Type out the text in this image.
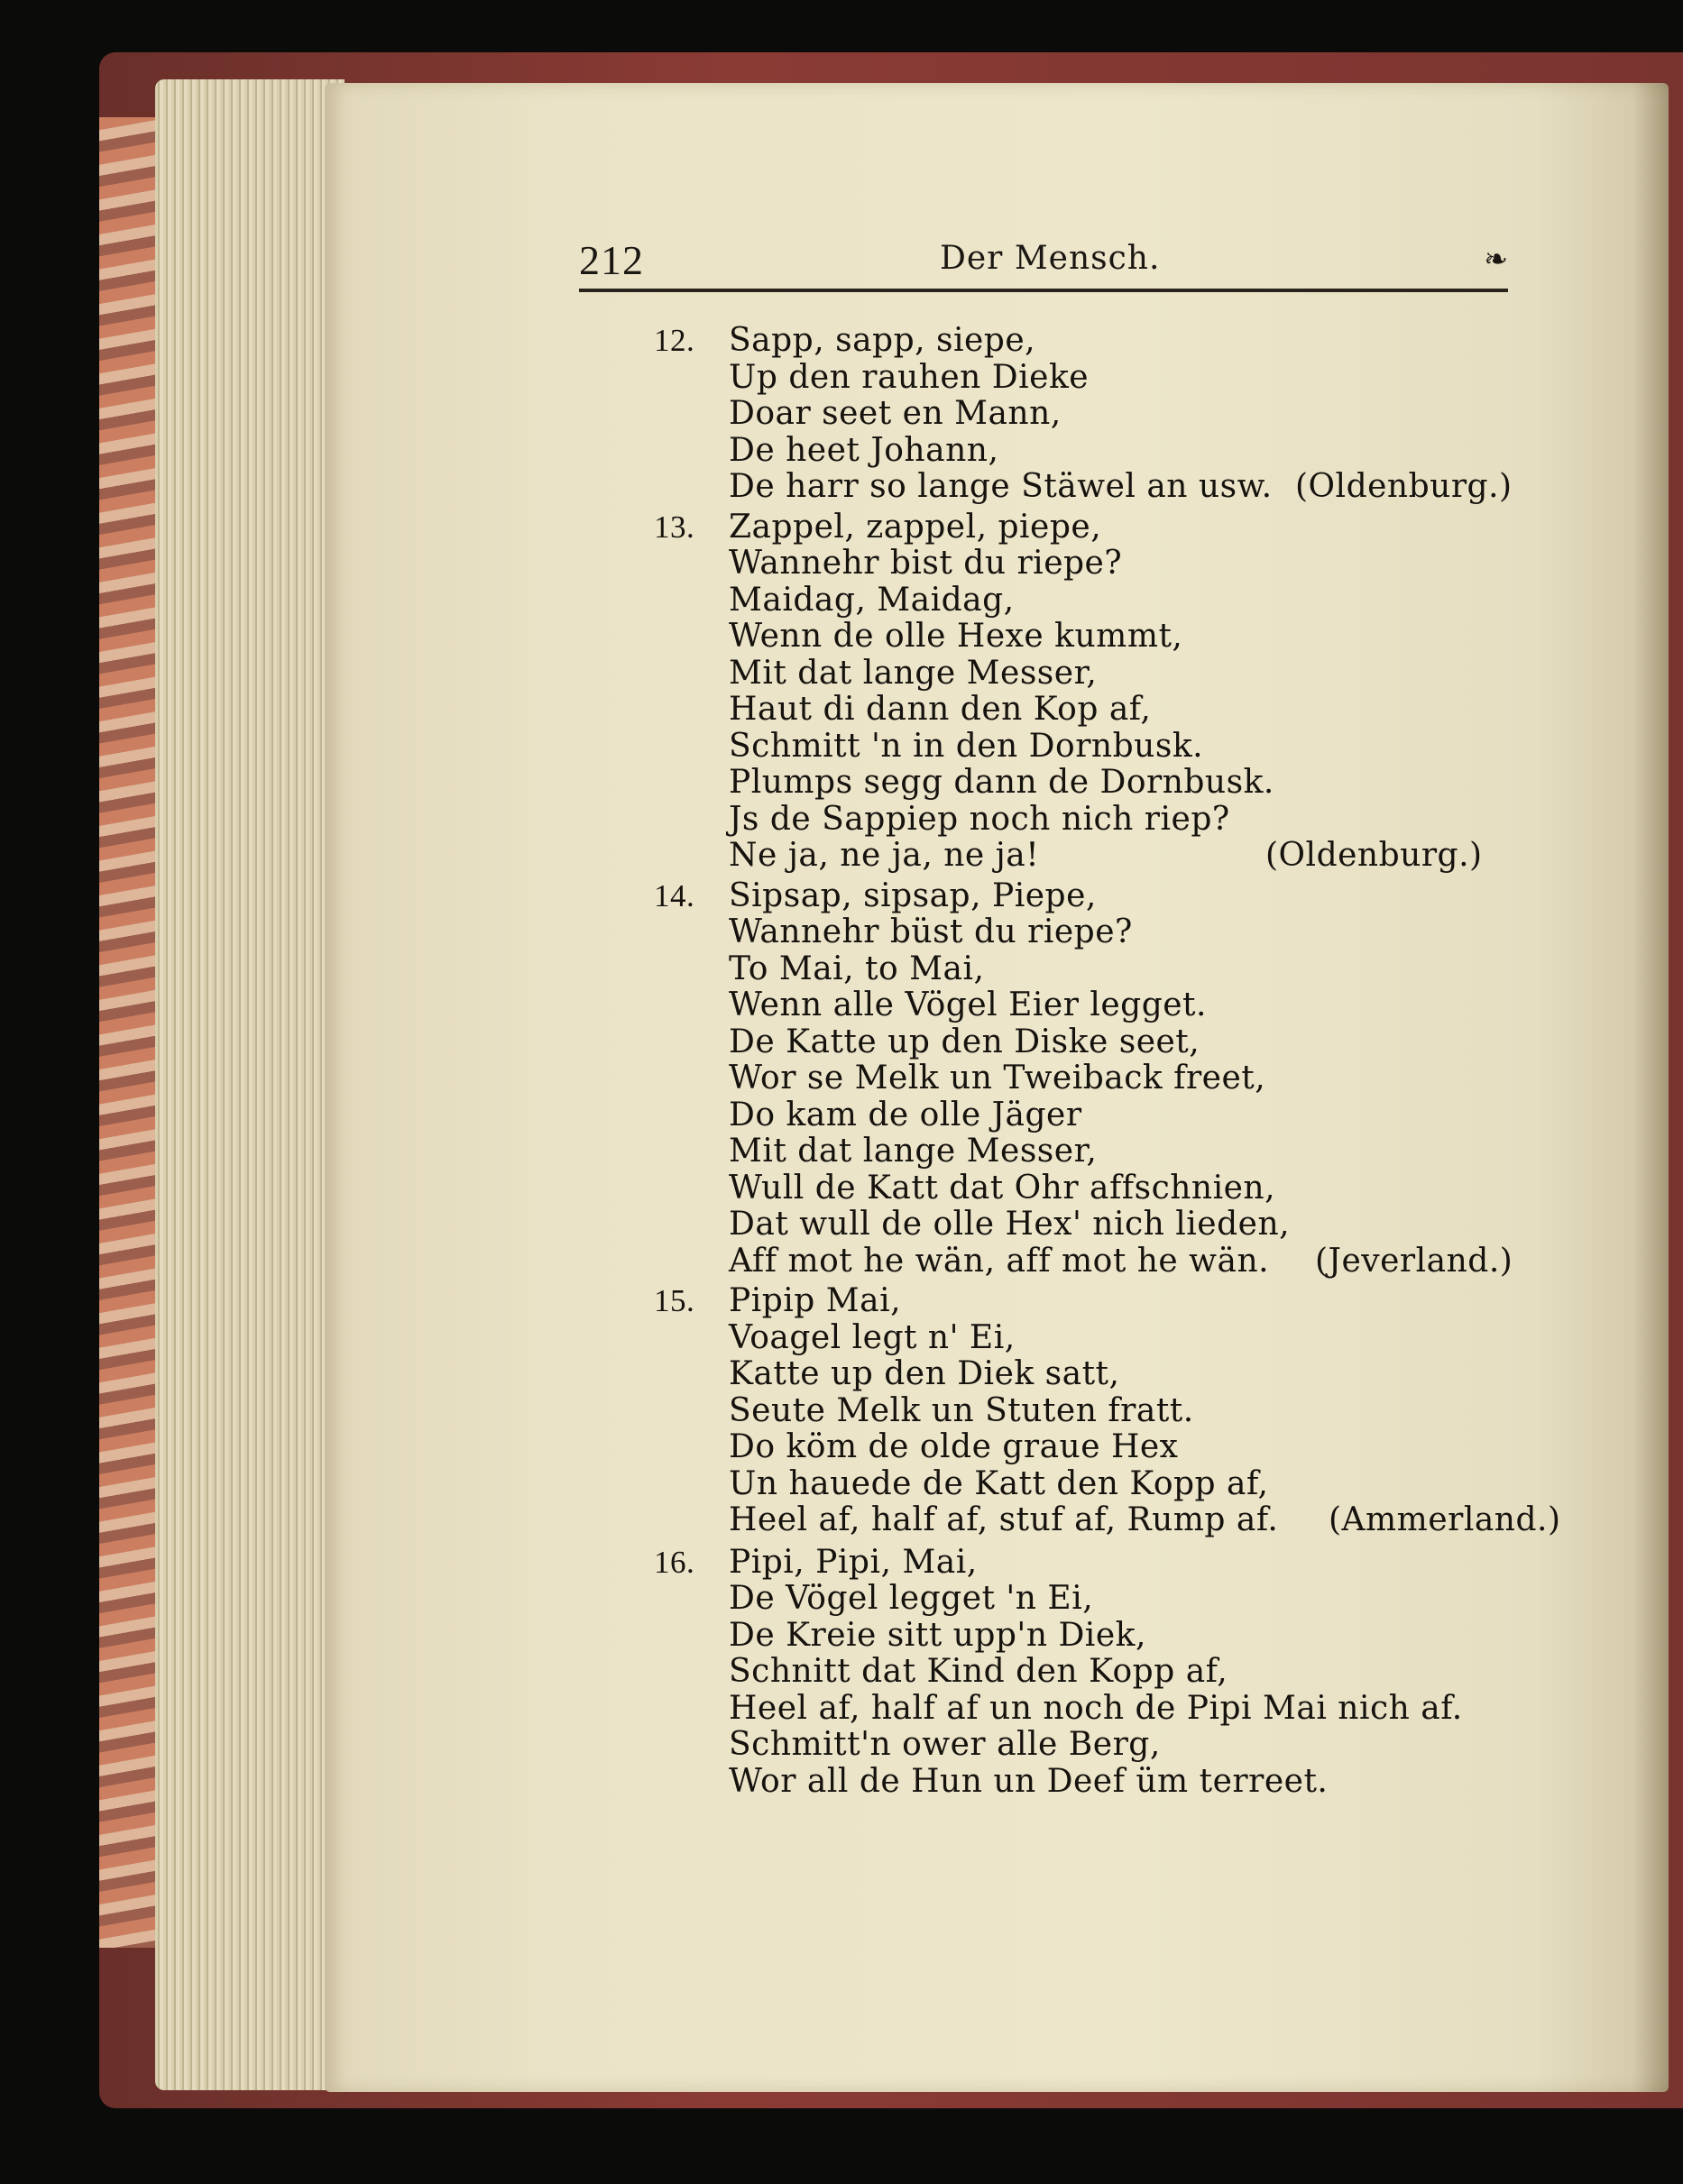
212	Der Mensch.	❧
12. Sapp, sapp, siepe,
Up den rauhen Dieke
Doar seet en Mann,
De heet Johann,
De harr so lange Stäwel an usw. (Oldenburg.)
13. Zappel, zappel, piepe,
Wannehr bist du riepe?
Maidag, Maidag,
Wenn de olle Hexe kummt,
Mit dat lange Messer,
Haut di dann den Kop af,
Schmitt 'n in den Dornbusk.
Plumps segg dann de Dornbusk.
Js de Sappiep noch nich riep?
Ne ja, ne ja, ne ja!	(Oldenburg.)
14. Sipsap, sipsap, Piepe,
Wannehr büst du riepe?
To Mai, to Mai,
Wenn alle Vögel Eier legget.
De Katte up den Diske seet,
Wor se Melk un Tweiback freet,
Do kam de olle Jäger
Mit dat lange Messer,
Wull de Katt dat Ohr affschnien,
Dat wull de olle Hex' nich lieden,
Aff mot he wän, aff mot he wän. (Jeverland.)
15. Pipip Mai,
Voagel legt n' Ei,
Katte up den Diek satt,
Seute Melk un Stuten fratt.
Do köm de olde graue Hex
Un hauede de Katt den Kopp af,
Heel af, half af, stuf af, Rump af. (Ammerland.)
16. Pipi, Pipi, Mai,
De Vögel legget 'n Ei,
De Kreie sitt upp'n Diek,
Schnitt dat Kind den Kopp af,
Heel af, half af un noch de Pipi Mai nich af.
Schmitt'n ower alle Berg,
Wor all de Hun un Deef üm terreet.
